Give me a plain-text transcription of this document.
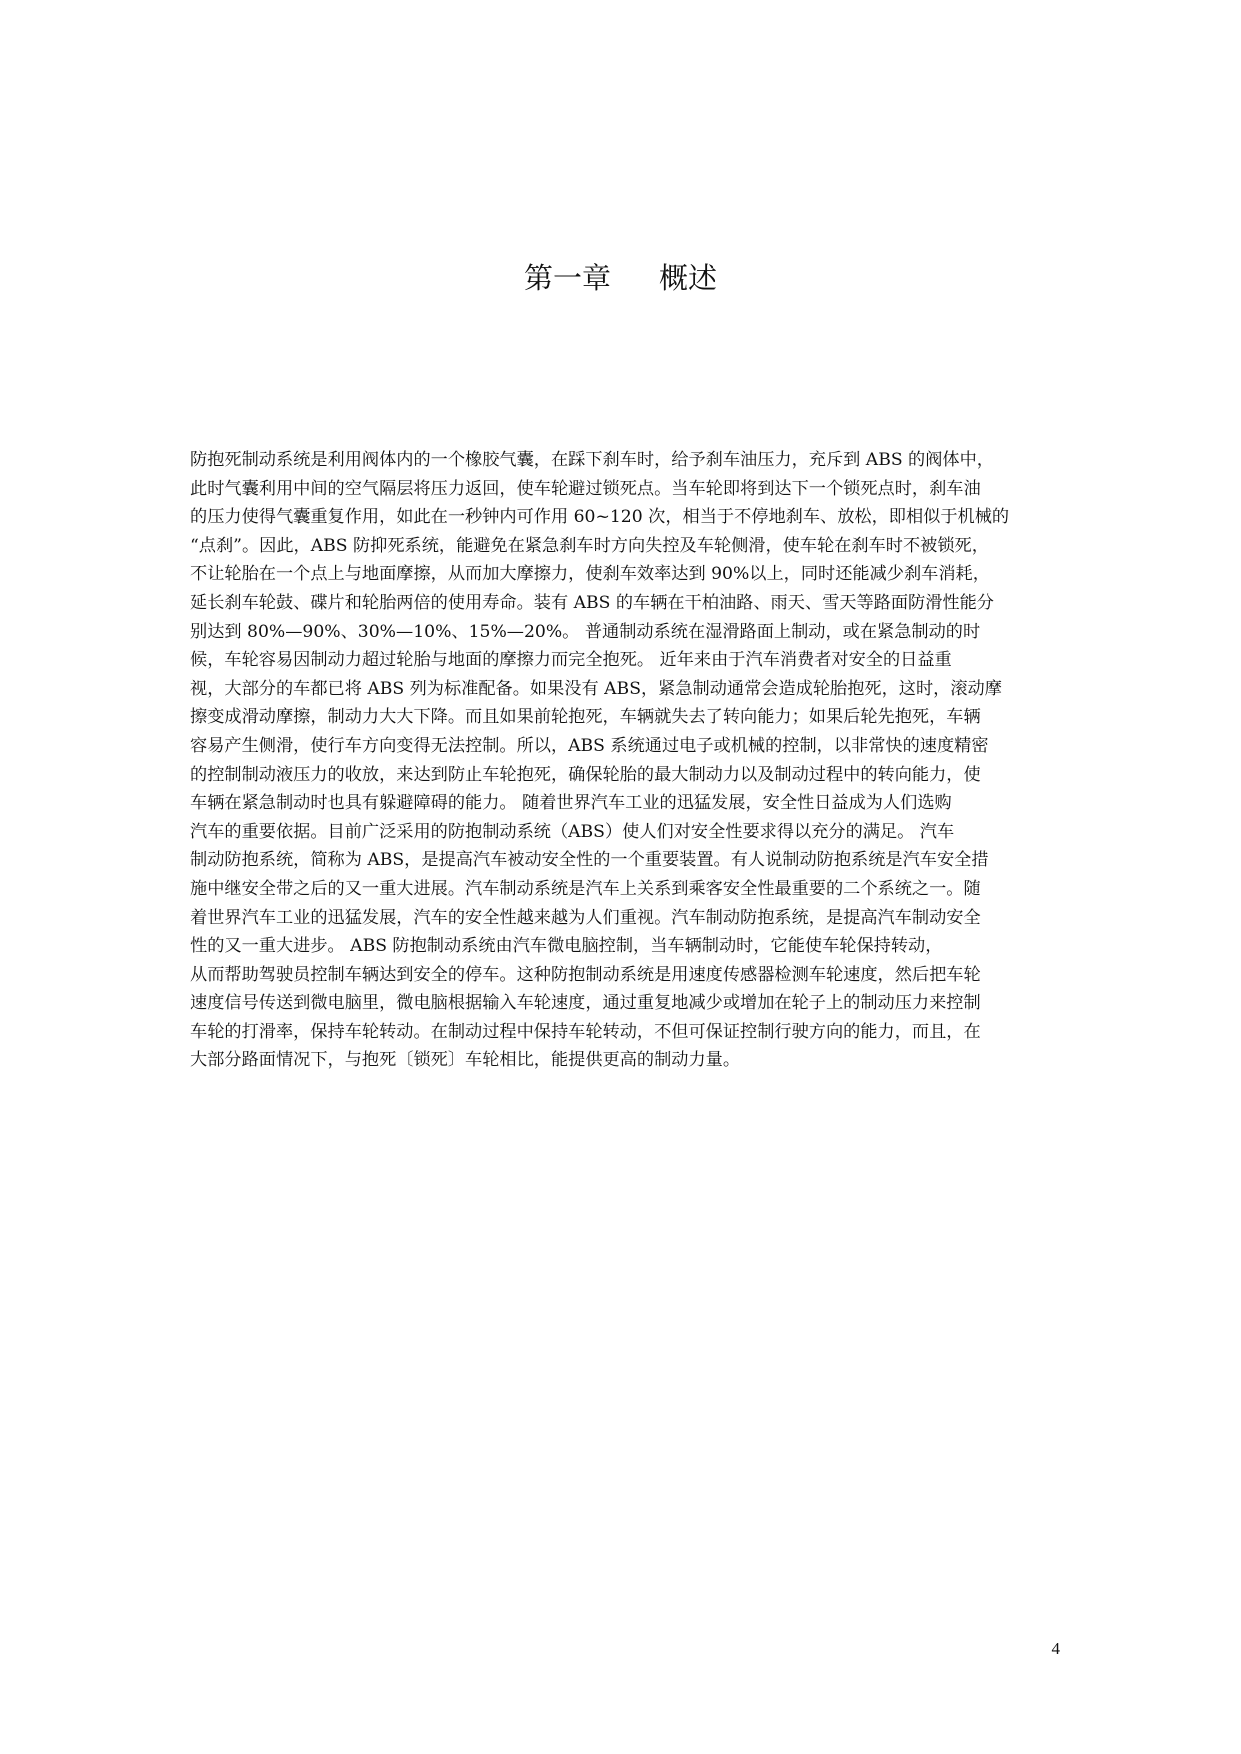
第一章 概述

防抱死制动系统是利用阀体内的一个橡胶气囊，在踩下刹车时，给予刹车油压力，充斥到 ABS 的阀体中，
此时气囊利用中间的空气隔层将压力返回，使车轮避过锁死点。当车轮即将到达下一个锁死点时，刹车油
的压力使得气囊重复作用，如此在一秒钟内可作用 60~120 次，相当于不停地刹车、放松，即相似于机械的
“点刹”。因此，ABS 防抑死系统，能避免在紧急刹车时方向失控及车轮侧滑，使车轮在刹车时不被锁死，
不让轮胎在一个点上与地面摩擦，从而加大摩擦力，使刹车效率达到 90%以上，同时还能减少刹车消耗，
延长刹车轮鼓、碟片和轮胎两倍的使用寿命。装有 ABS 的车辆在干柏油路、雨天、雪天等路面防滑性能分
别达到 80%—90%、30%—10%、15%—20%。 普通制动系统在湿滑路面上制动，或在紧急制动的时
候，车轮容易因制动力超过轮胎与地面的摩擦力而完全抱死。 近年来由于汽车消费者对安全的日益重
视，大部分的车都已将 ABS 列为标准配备。如果没有 ABS，紧急制动通常会造成轮胎抱死，这时，滚动摩
擦变成滑动摩擦，制动力大大下降。而且如果前轮抱死，车辆就失去了转向能力；如果后轮先抱死，车辆
容易产生侧滑，使行车方向变得无法控制。所以，ABS 系统通过电子或机械的控制，以非常快的速度精密
的控制制动液压力的收放，来达到防止车轮抱死，确保轮胎的最大制动力以及制动过程中的转向能力，使
车辆在紧急制动时也具有躲避障碍的能力。 随着世界汽车工业的迅猛发展，安全性日益成为人们选购
汽车的重要依据。目前广泛采用的防抱制动系统（ABS）使人们对安全性要求得以充分的满足。 汽车
制动防抱系统，简称为 ABS，是提高汽车被动安全性的一个重要装置。有人说制动防抱系统是汽车安全措
施中继安全带之后的又一重大进展。汽车制动系统是汽车上关系到乘客安全性最重要的二个系统之一。随
着世界汽车工业的迅猛发展，汽车的安全性越来越为人们重视。汽车制动防抱系统，是提高汽车制动安全
性的又一重大进步。 ABS 防抱制动系统由汽车微电脑控制，当车辆制动时，它能使车轮保持转动，
从而帮助驾驶员控制车辆达到安全的停车。这种防抱制动系统是用速度传感器检测车轮速度，然后把车轮
速度信号传送到微电脑里，微电脑根据输入车轮速度，通过重复地减少或增加在轮子上的制动压力来控制
车轮的打滑率，保持车轮转动。在制动过程中保持车轮转动，不但可保证控制行驶方向的能力，而且，在
大部分路面情况下，与抱死〔锁死〕车轮相比，能提供更高的制动力量。

4
